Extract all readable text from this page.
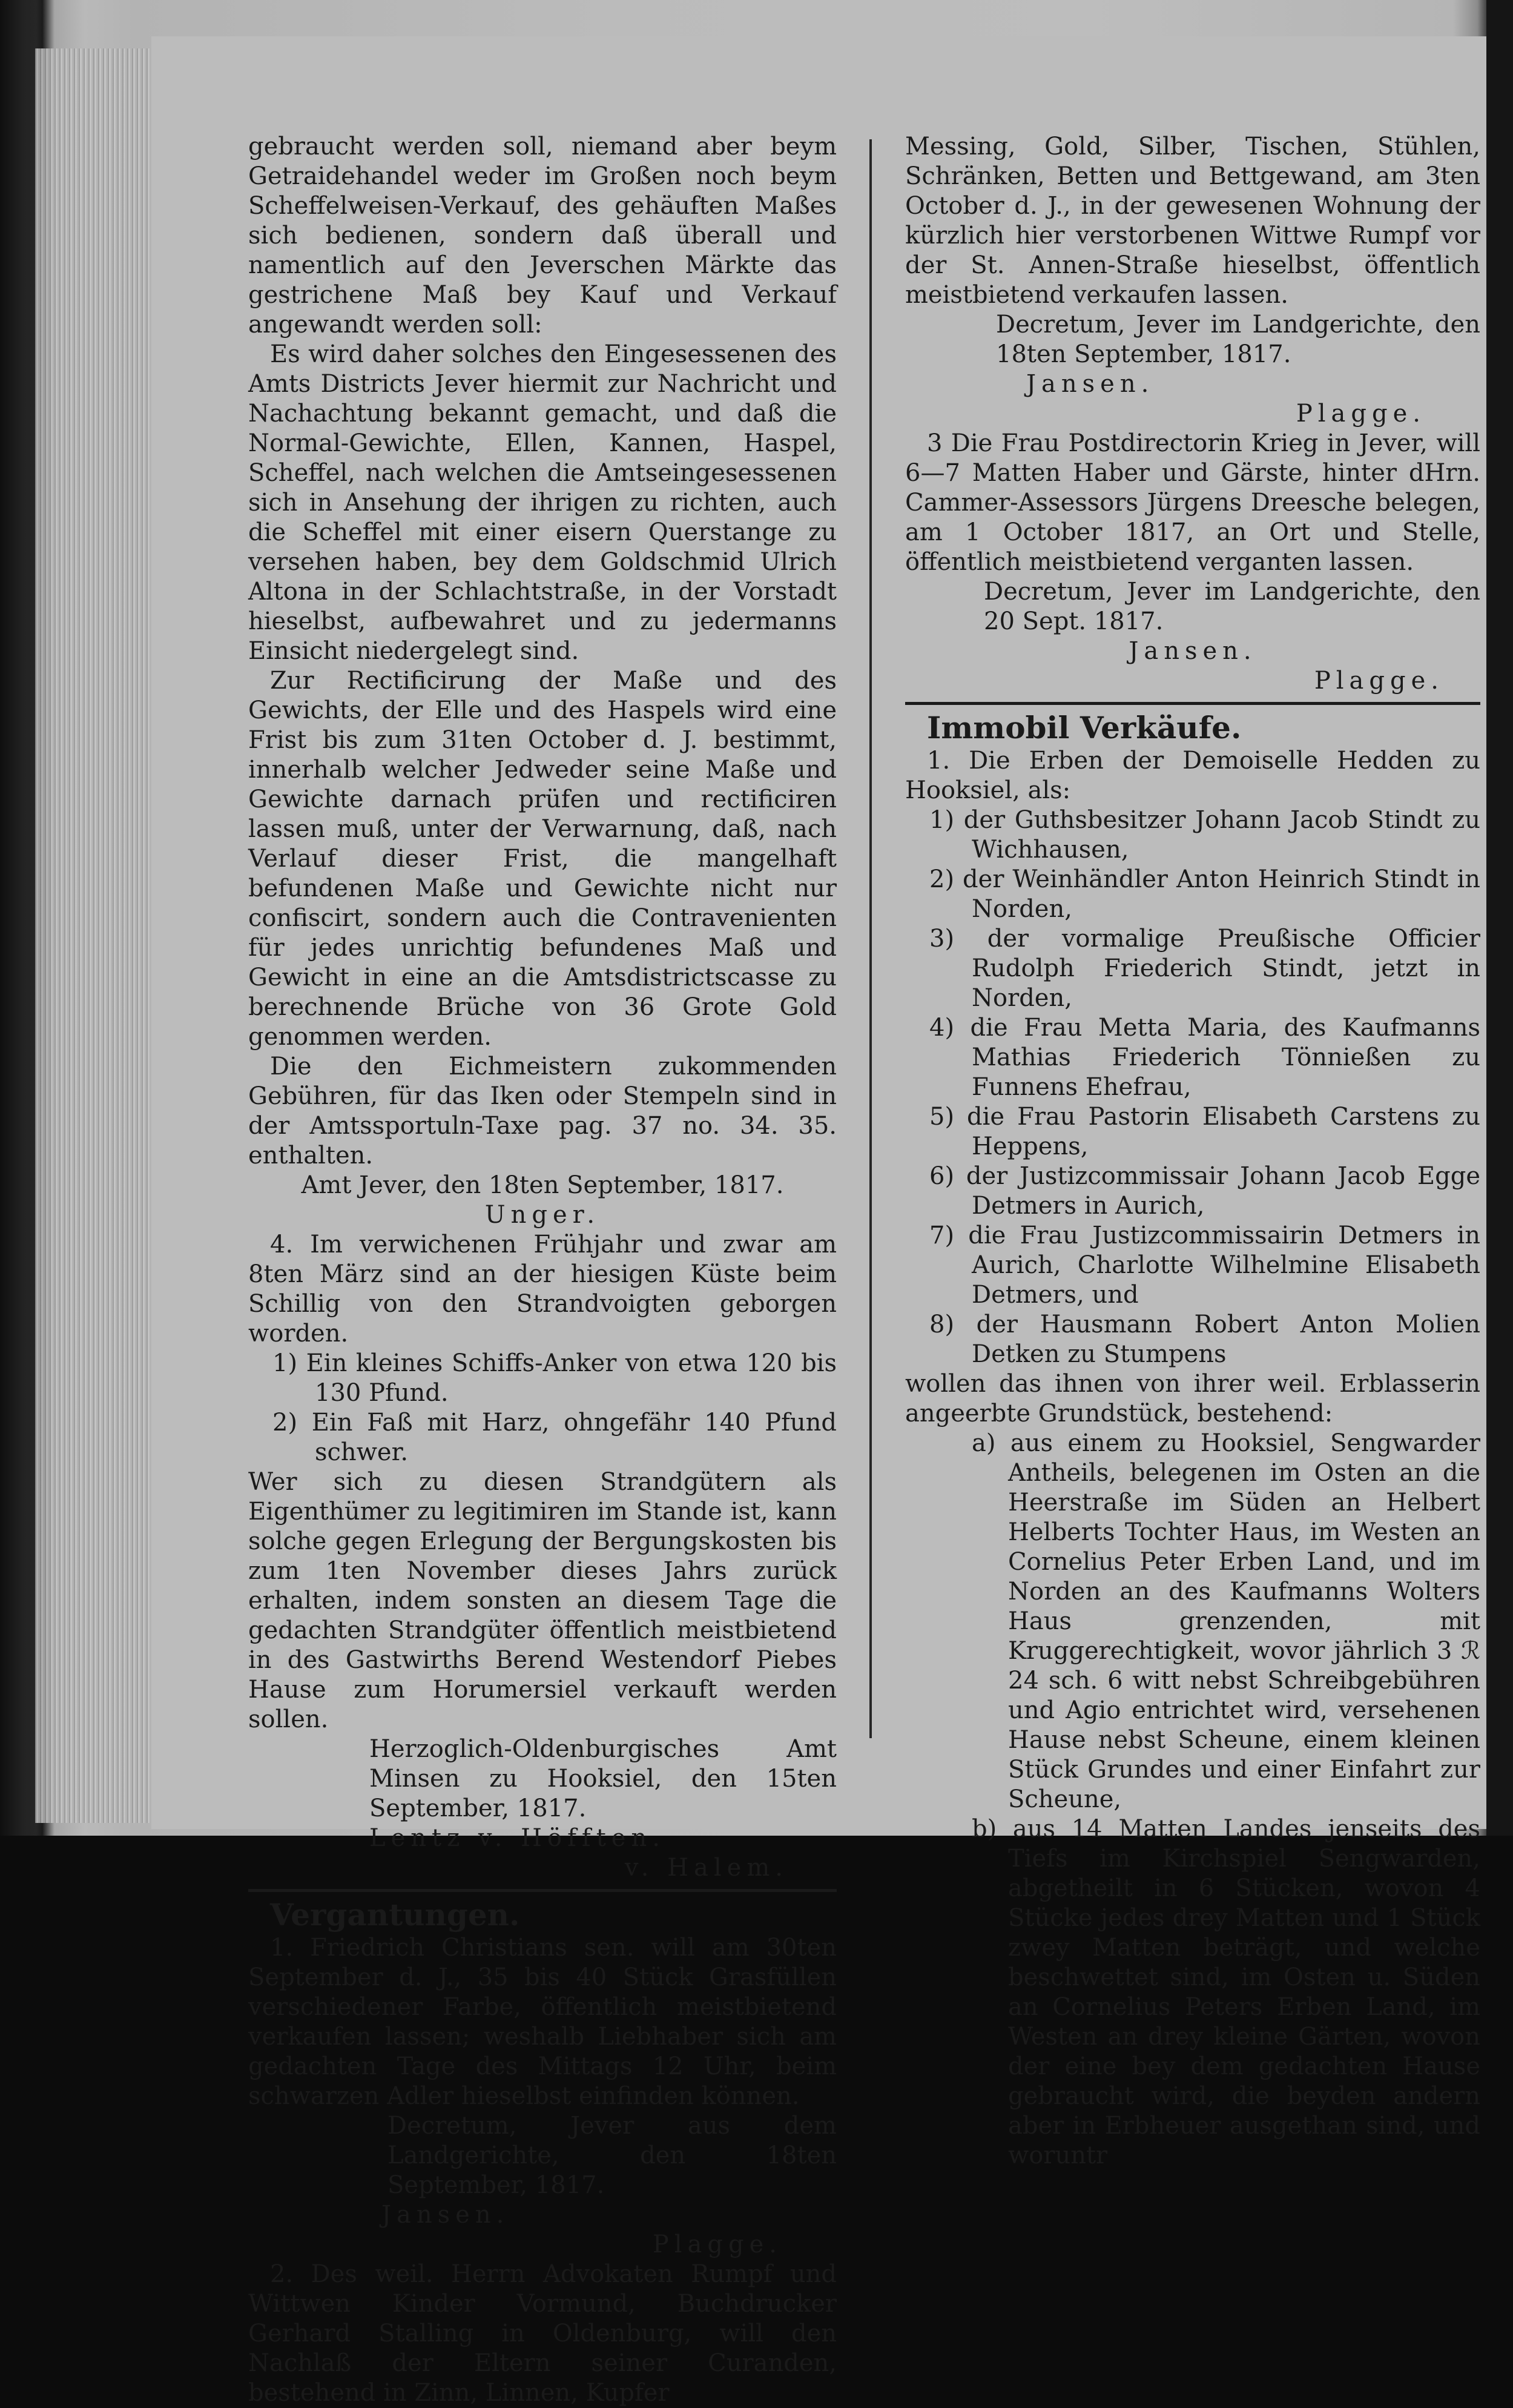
gebraucht werden soll, niemand aber beym Getraidehandel weder im Großen noch beym Scheffelweisen-Verkauf, des gehäuften Maßes sich bedienen, sondern daß überall und namentlich auf den Jeverschen Märkte das gestrichene Maß bey Kauf und Verkauf angewandt werden soll:

Es wird daher solches den Eingesessenen des Amts Districts Jever hiermit zur Nachricht und Nachachtung bekannt gemacht, und daß die Normal-Gewichte, Ellen, Kannen, Haspel, Scheffel, nach welchen die Amtseingesessenen sich in Ansehung der ihrigen zu richten, auch die Scheffel mit einer eisern Querstange zu versehen haben, bey dem Goldschmid Ulrich Altona in der Schlachtstraße, in der Vorstadt hieselbst, aufbewahret und zu jedermanns Einsicht niedergelegt sind.

Zur Rectificirung der Maße und des Gewichts, der Elle und des Haspels wird eine Frist bis zum 31ten October d. J. bestimmt, innerhalb welcher Jedweder seine Maße und Gewichte darnach prüfen und rectificiren lassen muß, unter der Verwarnung, daß, nach Verlauf dieser Frist, die mangelhaft befundenen Maße und Gewichte nicht nur confiscirt, sondern auch die Contravenienten für jedes unrichtig befundenes Maß und Gewicht in eine an die Amtsdistrictscasse zu berechnende Brüche von 36 Grote Gold genommen werden.

Die den Eichmeistern zukommenden Gebühren, für das Iken oder Stempeln sind in der Amtssportuln-Taxe pag. 37 no. 34. 35. enthalten.

Amt Jever, den 18ten September, 1817.

Unger.

4. Im verwichenen Frühjahr und zwar am 8ten März sind an der hiesigen Küste beim Schillig von den Strandvoigten geborgen worden.

1) Ein kleines Schiffs-Anker von etwa 120 bis 130 Pfund.

2) Ein Faß mit Harz, ohngefähr 140 Pfund schwer.

Wer sich zu diesen Strandgütern als Eigenthümer zu legitimiren im Stande ist, kann solche gegen Erlegung der Bergungskosten bis zum 1ten November dieses Jahrs zurück erhalten, indem sonsten an diesem Tage die gedachten Strandgüter öffentlich meistbietend in des Gastwirths Berend Westendorf Piebes Hause zum Horumersiel verkauft werden sollen.

Herzoglich-Oldenburgisches Amt Minsen zu Hooksiel, den 15ten September, 1817.

Lentz v. Höfften.

v. Halem.

Vergantungen.

1. Friedrich Christians sen. will am 30ten September d. J., 35 bis 40 Stück Grasfüllen verschiedener Farbe, öffentlich meistbietend verkaufen lassen; weshalb Liebhaber sich am gedachten Tage des Mittags 12 Uhr, beim schwarzen Adler hieselbst einfinden können.

Decretum, Jever aus dem Landgerichte, den 18ten September, 1817.

Jansen.

Plagge.

2. Des weil. Herrn Advokaten Rumpf und Wittwen Kinder Vormund, Buchdrucker Gerhard Stalling in Oldenburg, will den Nachlaß der Eltern seiner Curanden, bestehend in Zinn, Linnen, Kupfer

Messing, Gold, Silber, Tischen, Stühlen, Schränken, Betten und Bettgewand, am 3ten October d. J., in der gewesenen Wohnung der kürzlich hier verstorbenen Wittwe Rumpf vor der St. Annen-Straße hieselbst, öffentlich meistbietend verkaufen lassen.

Decretum, Jever im Landgerichte, den 18ten September, 1817.

Jansen.

Plagge.

3 Die Frau Postdirectorin Krieg in Jever, will 6—7 Matten Haber und Gärste, hinter dHrn. Cammer-Assessors Jürgens Dreesche belegen, am 1 October 1817, an Ort und Stelle, öffentlich meistbietend verganten lassen.

Decretum, Jever im Landgerichte, den 20 Sept. 1817.

Jansen.

Plagge.

Immobil Verkäufe.

1. Die Erben der Demoiselle Hedden zu Hooksiel, als:

1) der Guthsbesitzer Johann Jacob Stindt zu Wichhausen,

2) der Weinhändler Anton Heinrich Stindt in Norden,

3) der vormalige Preußische Officier Rudolph Friederich Stindt, jetzt in Norden,

4) die Frau Metta Maria, des Kaufmanns Mathias Friederich Tönnießen zu Funnens Ehefrau,

5) die Frau Pastorin Elisabeth Carstens zu Heppens,

6) der Justizcommissair Johann Jacob Egge Detmers in Aurich,

7) die Frau Justizcommissairin Detmers in Aurich, Charlotte Wilhelmine Elisabeth Detmers, und

8) der Hausmann Robert Anton Molien Detken zu Stumpens

wollen das ihnen von ihrer weil. Erblasserin angeerbte Grundstück, bestehend:

a) aus einem zu Hooksiel, Sengwarder Antheils, belegenen im Osten an die Heerstraße im Süden an Helbert Helberts Tochter Haus, im Westen an Cornelius Peter Erben Land, und im Norden an des Kaufmanns Wolters Haus grenzenden, mit Kruggerechtigkeit, wovor jährlich 3 ℛ 24 sch. 6 witt nebst Schreibgebühren und Agio entrichtet wird, versehenen Hause nebst Scheune, einem kleinen Stück Grundes und einer Einfahrt zur Scheune,

b) aus 14 Matten Landes jenseits des Tiefs im Kirchspiel Sengwarden, abgetheilt in 6 Stücken, wovon 4 Stücke jedes drey Matten und 1 Stück zwey Matten beträgt, und welche beschwettet sind, im Osten u. Süden an Cornelius Peters Erben Land, im Westen an drey kleine Gärten, wovon der eine bey dem gedachten Hause gebraucht wird, die beyden andern aber in Erbheuer ausgethan sind, und woruntr
